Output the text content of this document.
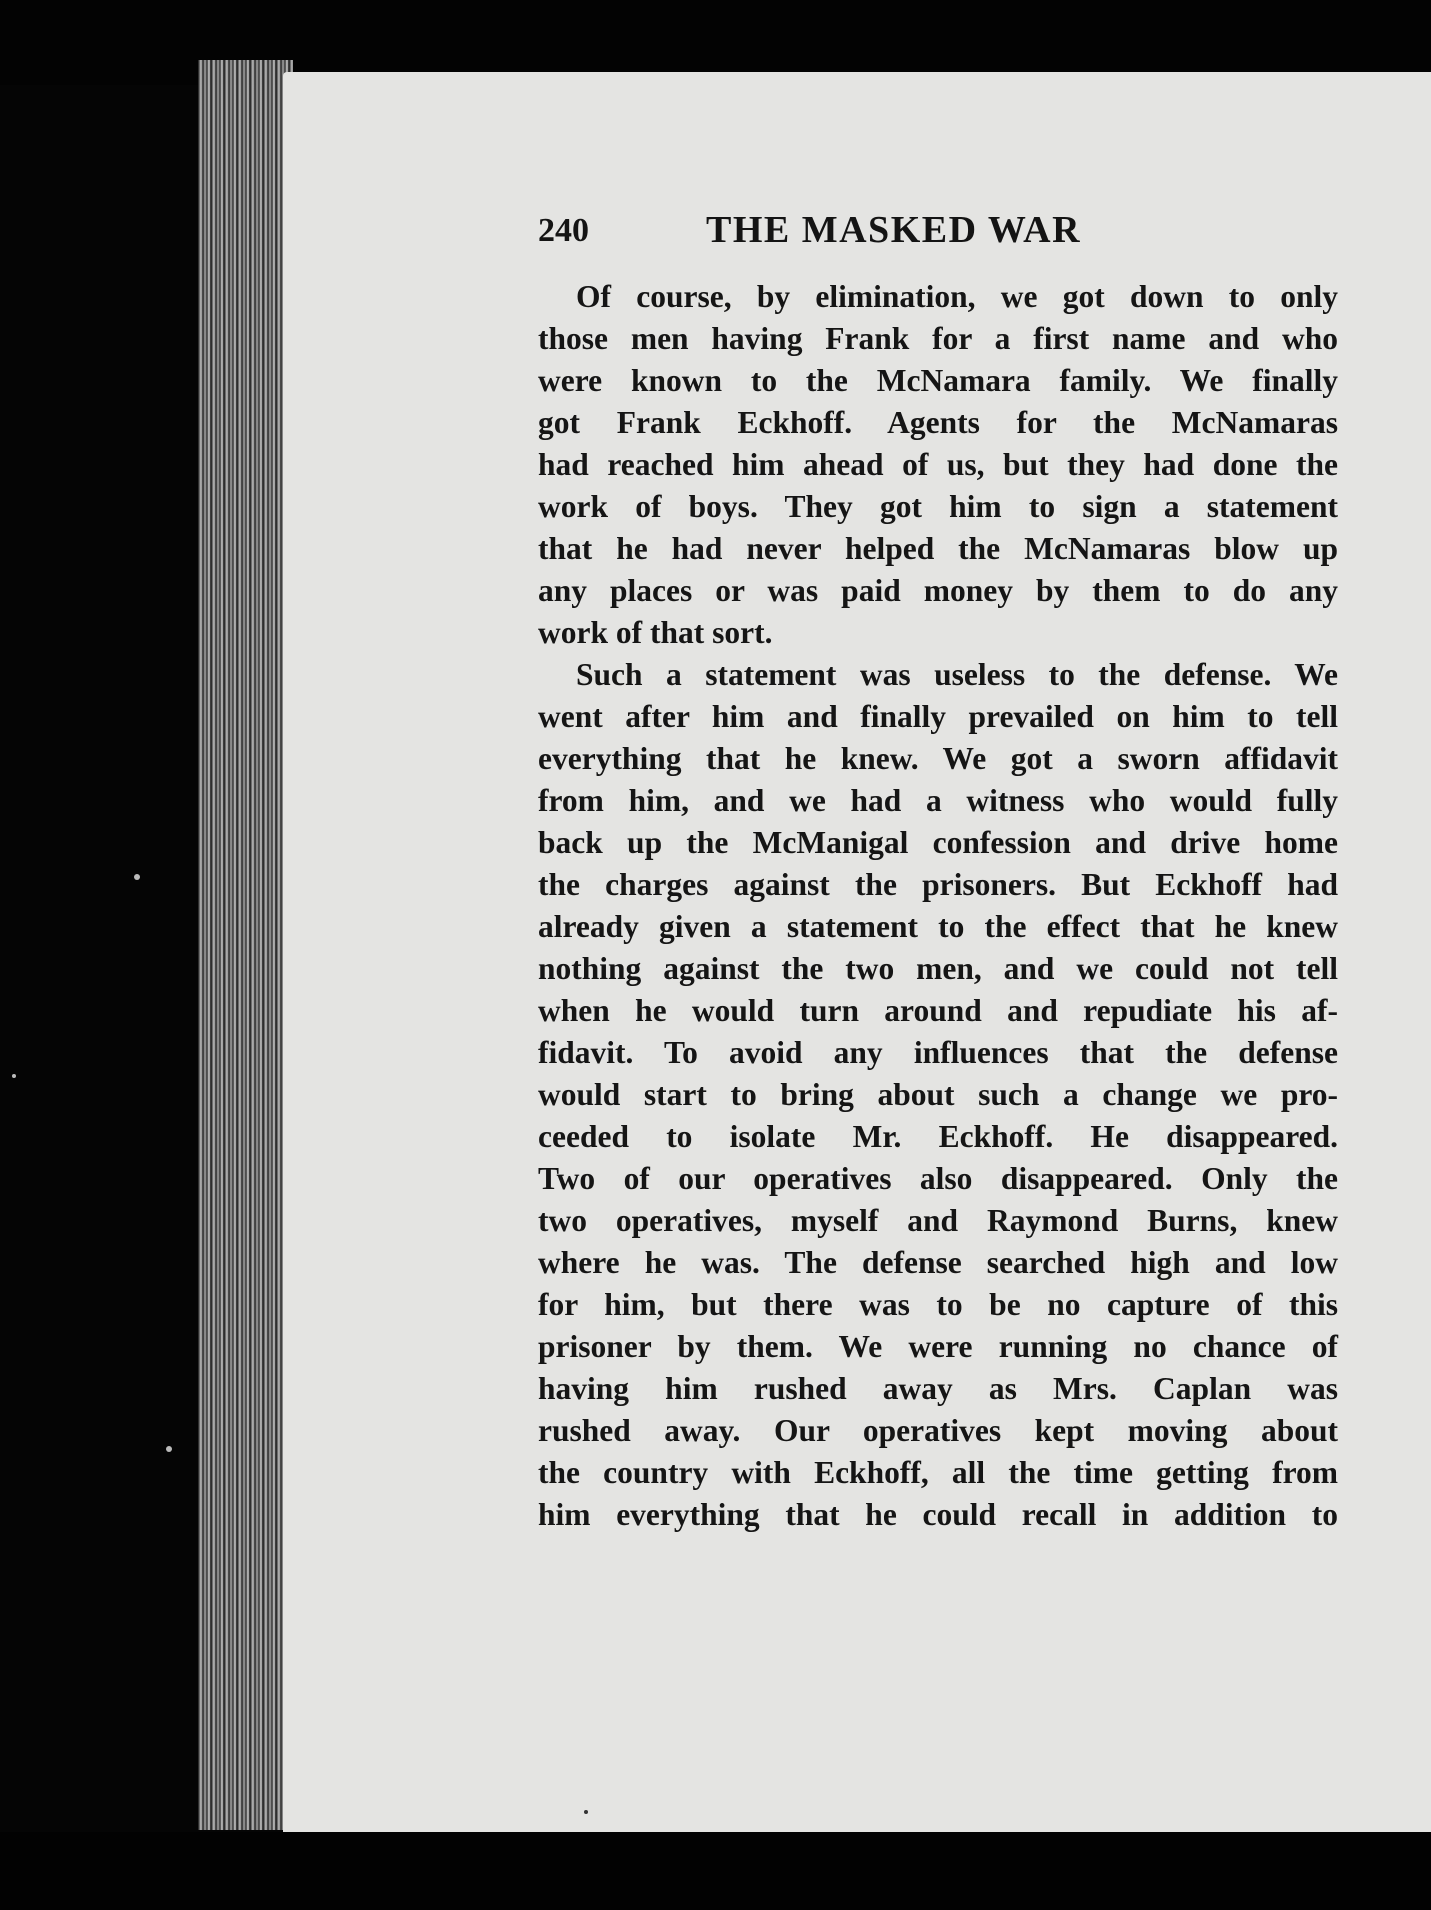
240	THE MASKED WAR
Of course, by elimination, we got down to only
those men having Frank for a first name and who
were known to the McNamara family. We finally
got Frank Eckhoff. Agents for the McNamaras
had reached him ahead of us, but they had done the
work of boys. They got him to sign a statement
that he had never helped the McNamaras blow up
any places or was paid money by them to do any
work of that sort.
Such a statement was useless to the defense. We
went after him and finally prevailed on him to tell
everything that he knew. We got a sworn affidavit
from him, and we had a witness who would fully
back up the McManigal confession and drive home
the charges against the prisoners. But Eckhoff had
already given a statement to the effect that he knew
nothing against the two men, and we could not tell
when he would turn around and repudiate his af-
fidavit. To avoid any influences that the defense
would start to bring about such a change we pro-
ceeded to isolate Mr. Eckhoff. He disappeared.
Two of our operatives also disappeared. Only the
two operatives, myself and Raymond Burns, knew
where he was. The defense searched high and low
for him, but there was to be no capture of this
prisoner by them. We were running no chance of
having him rushed away as Mrs. Caplan was
rushed away. Our operatives kept moving about
the country with Eckhoff, all the time getting from
him everything that he could recall in addition to
